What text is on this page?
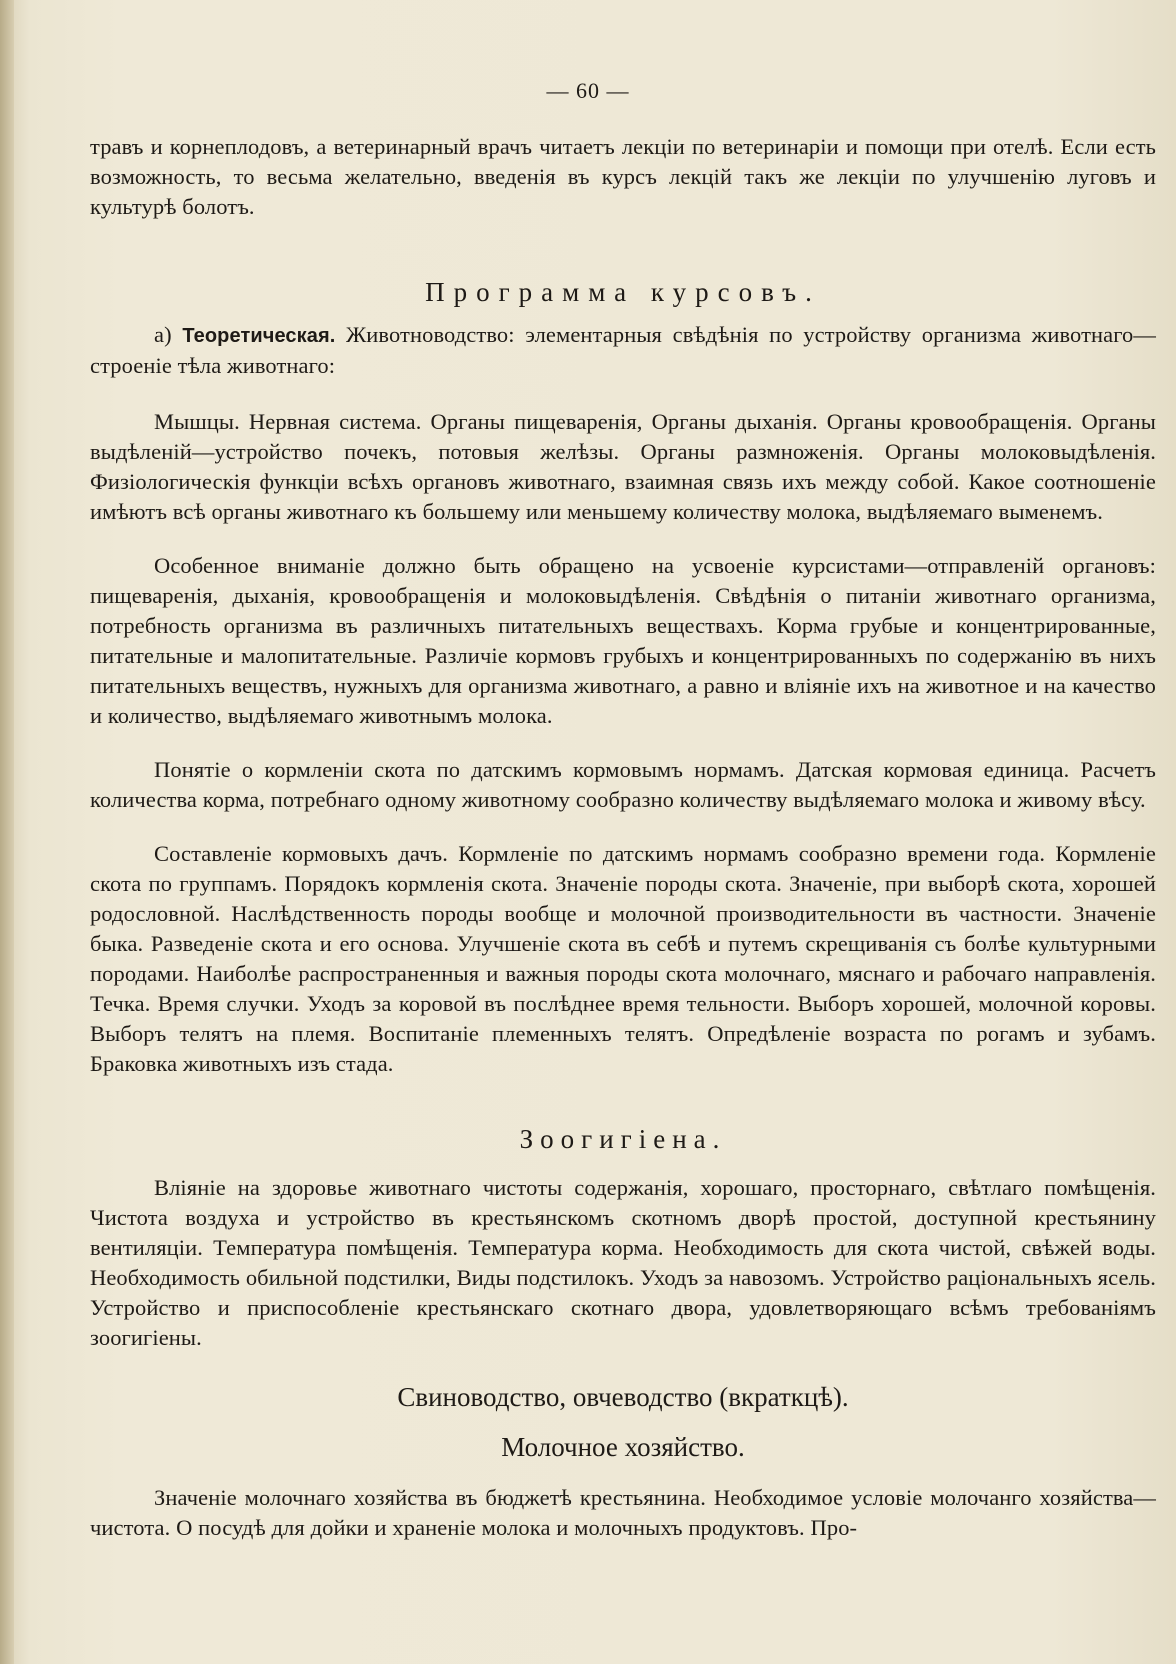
— 60 —

травъ и корнеплодовъ, а ветеринарный врачъ читаетъ лекціи по ветеринаріи и помощи при отелѣ. Если есть возможность, то весьма желательно, введенія въ курсъ лекцій такъ же лекціи по улучшенію луговъ и культурѣ болотъ.

Программа курсовъ.

а) Теоретическая. Животноводство: элементарныя свѣдѣнія по устройству организма животнаго—строеніе тѣла животнаго:

Мышцы. Нервная система. Органы пищеваренія, Органы дыханія. Органы кровообращенія. Органы выдѣленій—устройство почекъ, потовыя желѣзы. Органы размноженія. Органы молоковыдѣленія. Физіологическія функціи всѣхъ органовъ животнаго, взаимная связь ихъ между собой. Какое соотношеніе имѣютъ всѣ органы животнаго къ большему или меньшему количеству молока, выдѣляемаго выменемъ.

Особенное вниманіе должно быть обращено на усвоеніе курсистами—отправленій органовъ: пищеваренія, дыханія, кровообращенія и молоковыдѣленія. Свѣдѣнія о питаніи животнаго организма, потребность организма въ различныхъ питательныхъ веществахъ. Корма грубые и концентрированные, питательные и малопитательные. Различіе кормовъ грубыхъ и концентрированныхъ по содержанію въ нихъ питательныхъ веществъ, нужныхъ для организма животнаго, а равно и вліяніе ихъ на животное и на качество и количество, выдѣляемаго животнымъ молока.

Понятіе о кормленіи скота по датскимъ кормовымъ нормамъ. Датская кормовая единица. Расчетъ количества корма, потребнаго одному животному сообразно количеству выдѣляемаго молока и живому вѣсу.

Составленіе кормовыхъ дачъ. Кормленіе по датскимъ нормамъ сообразно времени года. Кормленіе скота по группамъ. Порядокъ кормленія скота. Значеніе породы скота. Значеніе, при выборѣ скота, хорошей родословной. Наслѣдственность породы вообще и молочной производительности въ частности. Значеніе быка. Разведеніе скота и его основа. Улучшеніе скота въ себѣ и путемъ скрещиванія съ болѣе культурными породами. Наиболѣе распространенныя и важныя породы скота молочнаго, мяснаго и рабочаго направленія. Течка. Время случки. Уходъ за коровой въ послѣднее время тельности. Выборъ хорошей, молочной коровы. Выборъ телятъ на племя. Воспитаніе племенныхъ телятъ. Опредѣленіе возраста по рогамъ и зубамъ. Браковка животныхъ изъ стада.

Зоогигіена.

Вліяніе на здоровье животнаго чистоты содержанія, хорошаго, просторнаго, свѣтлаго помѣщенія. Чистота воздуха и устройство въ крестьянскомъ скотномъ дворѣ простой, доступной крестьянину вентиляціи. Температура помѣщенія. Температура корма. Необходимость для скота чистой, свѣжей воды. Необходимость обильной подстилки, Виды подстилокъ. Уходъ за навозомъ. Устройство раціональныхъ ясель. Устройство и приспособленіе крестьянскаго скотнаго двора, удовлетворяющаго всѣмъ требованіямъ зоогигіены.

Свиноводство, овчеводство (вкраткцѣ).
Молочное хозяйство.

Значеніе молочнаго хозяйства въ бюджетѣ крестьянина. Необходимое условіе молочанго хозяйства—чистота. О посудѣ для дойки и храненіе молока и молочныхъ продуктовъ. Про-
